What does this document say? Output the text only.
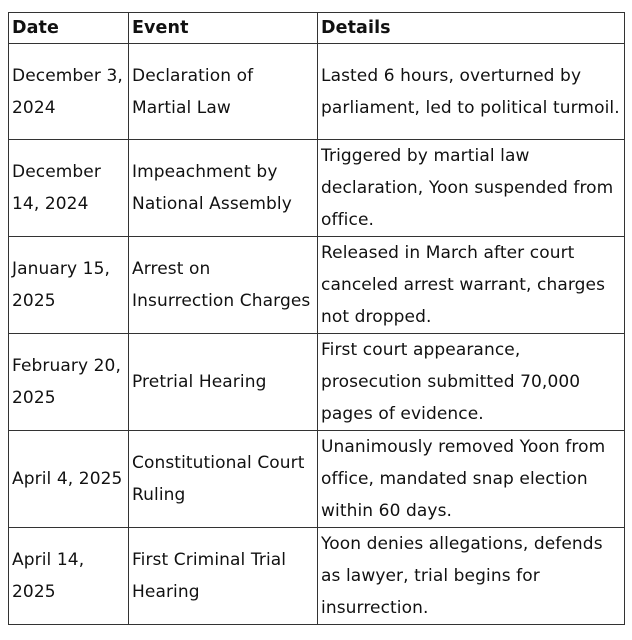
Date	Event	Details
December 3, 2024	Declaration of Martial Law	Lasted 6 hours, overturned by parliament, led to political turmoil.
December 14, 2024	Impeachment by National Assembly	Triggered by martial law declaration, Yoon suspended from office.
January 15, 2025	Arrest on Insurrection Charges	Released in March after court canceled arrest warrant, charges not dropped.
February 20, 2025	Pretrial Hearing	First court appearance, prosecution submitted 70,000 pages of evidence.
April 4, 2025	Constitutional Court Ruling	Unanimously removed Yoon from office, mandated snap election within 60 days.
April 14, 2025	First Criminal Trial Hearing	Yoon denies allegations, defends as lawyer, trial begins for insurrection.
